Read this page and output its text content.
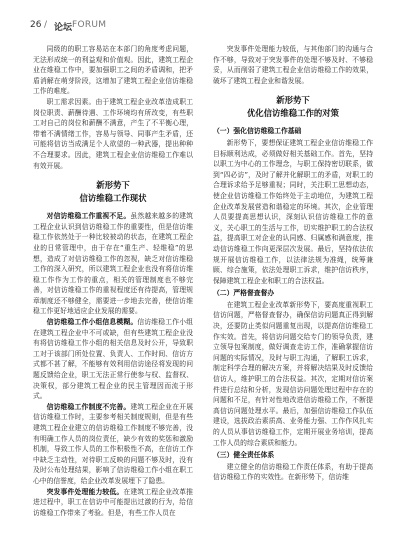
26 / 论坛 FORUM

同级的的职工容易站在本部门的角度考虑问题，无法形成统一的利益观和价值观。因此，建筑工程企业在维稳工作中，要加强职工之间的矛盾调和，把矛盾消解在萌芽阶段，这增加了建筑工程企业信访维稳工作的难度。

职工需求因素。由于建筑工程企业改革造成职工岗位职责、薪酬待遇、工作环境均有所改变，有些职工对自己的岗位和薪酬不满意，产生了不平衡心理，带着不满情绪工作，容易与领导、同事产生矛盾，还可能将信访当成满足个人欲望的一种武器，提出种种不合理要求。因此，建筑工程企业信访维稳工作难以有效开展。

新形势下
信访维稳工作现状

对信访维稳工作重视不足。虽然越来越多的建筑工程企业认识到信访维稳工作的重要性，但是信访维稳工作依然处于一种比较被动的状态，在建筑工程企业的日常管理中，由于存在“重生产、轻维稳”的思想，造成了对信访维稳工作的忽视，缺乏对信访维稳工作的深入研究，所以建筑工程企业也没有将信访维稳工作作为工作的重点，相关的管理制度也不够完善，对信访维稳工作的重视程度还有待提高，管理规章制度还不够健全，需要进一步地去完善，使信访维稳工作更好地适应企业发展的需要。

信访维稳工作小组信息模糊。信访维稳工作小组在建筑工程企业中不可或缺，但有些建筑工程企业没有将信访维稳工作小组的相关信息及时公开，导致职工对于该部门所处位置、负责人、工作时间、信访方式都不甚了解，不能够有效利用信访途径将发现的问题反馈给企业，职工无法正常行使参与权、监督权、决策权，部分建筑工程企业的民主管理因而流于形式。

信访维稳工作制度不完善。建筑工程企业在开展信访维稳工作时，主要参考相关制度规则，但是有些建筑工程企业建立的信访维稳工作制度不够完善，没有明确工作人员的岗位责任，缺少有效的奖惩和激励机制，导致工作人员的工作积极性不高，在信访工作中缺乏主动性，对待职工反映的问题不够及时，没有及时公布处理结果，影响了信访维稳工作小组在职工心中的信誉度，给企业改革发展埋下了隐患。

突发事件处理能力较低。在建筑工程企业改革推进过程中，职工在信访中可能提出过激的行为，给信访维稳工作带来了考验。但是，有些工作人员在

突发事件处理能力较低，与其他部门的沟通与合作不够，导致对于突发事件的处理不够及时、不够稳妥，从而削弱了建筑工程企业信访维稳工作的效果，破坏了建筑工程企业和谐发展。

新形势下
优化信访维稳工作的对策
（一）强化信访维稳工作基础

新形势下，要想保证建筑工程企业信访维稳工作目标顺利达成，必须做好相关基础工作。首先，坚持以职工为中心的工作理念，与职工保持密切联系，做到“四必访”，及时了解并化解职工的矛盾，对职工的合理诉求给予足够重视；同时，关注职工思想动态，使企业信访维稳工作始终处于主动地位，为建筑工程企业改革发展营造和谐稳定的环境。其次，企业管理人员要提高思想认识，深刻认识信访维稳工作的意义，关心职工的生活与工作，切实维护职工的合法权益，提高职工对企业的认同感、归属感和满意度，推动信访维稳工作向更深层次发展。最后，坚持依法依规开展信访维稳工作，以法律法规为准绳，统筹兼顾、综合施策，依法处理职工诉求，维护信访秩序，保障建筑工程企业和职工的合法权益。

（二）严格督查督办

在建筑工程企业改革新形势下，要高度重视职工信访问题，严格督查督办，确保信访问题真正得到解决，还要防止类似问题重复出现，以提高信访维稳工作实效。首先，将信访问题交给专门的领导负责，建立领导包案制度，做好调查走访工作，准确掌握信访问题的实际情况，及时与职工沟通，了解职工诉求，制定科学合理的解决方案，并将解决结果及时反馈给信访人，维护职工的合法权益。其次，定期对信访案件进行总结和分析，发现信访问题处理过程中存在的问题和不足，有针对性地改进信访维稳工作，不断提高信访问题处理水平。最后，加强信访维稳工作队伍建设，选拔政治素质高、业务能力强、工作作风扎实的人员从事信访维稳工作，定期开展业务培训，提高工作人员的综合素质和能力。

（三）健全责任体系

建立健全的信访维稳工作责任体系，有助于提高信访维稳工作的实效性。在新形势下，信访维
